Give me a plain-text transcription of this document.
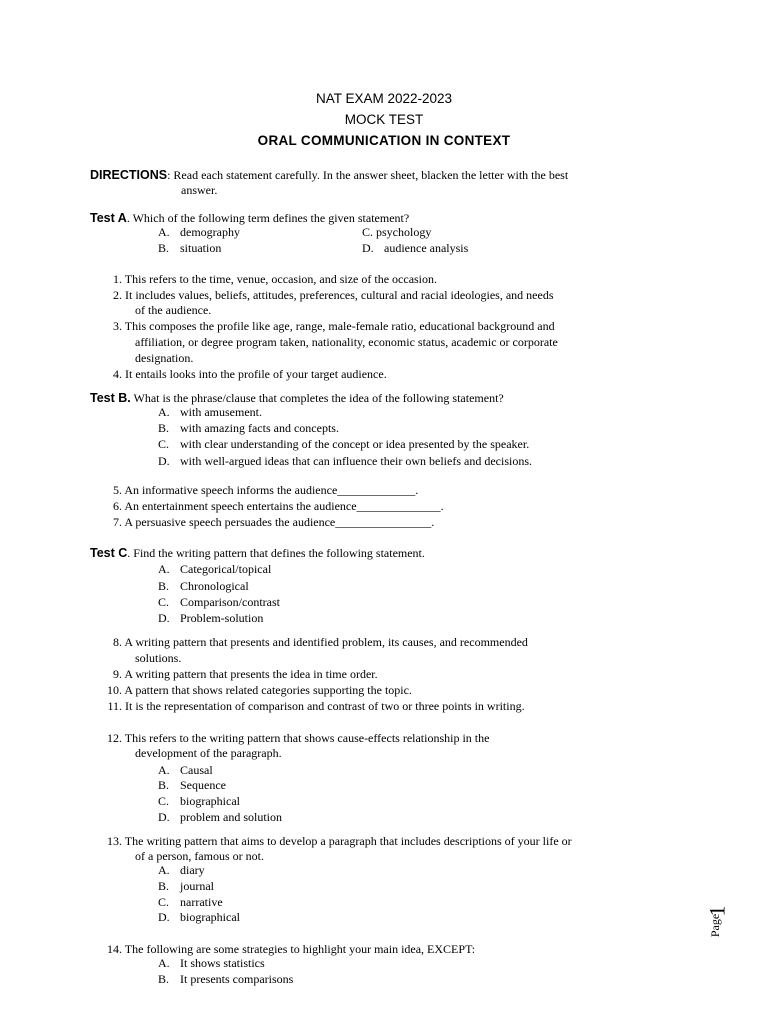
NAT EXAM 2022-2023
MOCK TEST
ORAL COMMUNICATION IN CONTEXT
DIRECTIONS: Read each statement carefully. In the answer sheet, blacken the letter with the best
answer.
Test A. Which of the following term defines the given statement?
A. demography	C. psychology
B. situation	D. audience analysis
1. This refers to the time, venue, occasion, and size of the occasion.
2. It includes values, beliefs, attitudes, preferences, cultural and racial ideologies, and needs
of the audience.
3. This composes the profile like age, range, male-female ratio, educational background and
affiliation, or degree program taken, nationality, economic status, academic or corporate
designation.
4. It entails looks into the profile of your target audience.
Test B. What is the phrase/clause that completes the idea of the following statement?
A. with amusement.
B. with amazing facts and concepts.
C. with clear understanding of the concept or idea presented by the speaker.
D. with well-argued ideas that can influence their own beliefs and decisions.
5. An informative speech informs the audience_____________.
6. An entertainment speech entertains the audience______________.
7. A persuasive speech persuades the audience________________.
Test C. Find the writing pattern that defines the following statement.
A. Categorical/topical
B. Chronological
C. Comparison/contrast
D. Problem-solution
8. A writing pattern that presents and identified problem, its causes, and recommended
solutions.
9. A writing pattern that presents the idea in time order.
10. A pattern that shows related categories supporting the topic.
11. It is the representation of comparison and contrast of two or three points in writing.
12. This refers to the writing pattern that shows cause-effects relationship in the
development of the paragraph.
A. Causal
B. Sequence
C. biographical
D. problem and solution
13. The writing pattern that aims to develop a paragraph that includes descriptions of your life or
of a person, famous or not.
A. diary
B. journal
C. narrative
D. biographical
14. The following are some strategies to highlight your main idea, EXCEPT:
A. It shows statistics
B. It presents comparisons
Page
1
